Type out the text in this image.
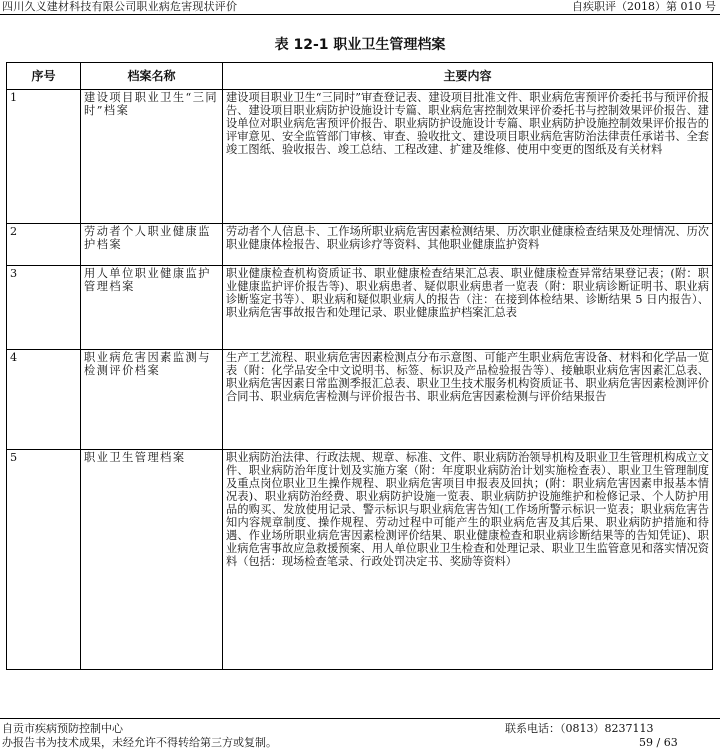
四川久义建材科技有限公司职业病危害现状评价	自疾职评（2018）第 010 号
表 12-1 职业卫生管理档案
序号	档案名称	主要内容
1	建设项目职业卫生“三同时”档案	建设项目职业卫生“三同时”审查登记表、建设项目批准文件、职业病危害预评价委托书与预评价报告、建设项目职业病防护设施设计专篇、职业病危害控制效果评价委托书与控制效果评价报告、建设单位对职业病危害预评价报告、职业病防护设施设计专篇、职业病防护设施控制效果评价报告的评审意见、安全监管部门审核、审查、验收批文、建设项目职业病危害防治法律责任承诺书、全套竣工图纸、验收报告、竣工总结、工程改建、扩建及维修、使用中变更的图纸及有关材料
2	劳动者个人职业健康监护档案	劳动者个人信息卡、工作场所职业病危害因素检测结果、历次职业健康检查结果及处理情况、历次职业健康体检报告、职业病诊疗等资料、其他职业健康监护资料
3	用人单位职业健康监护管理档案	职业健康检查机构资质证书、职业健康检查结果汇总表、职业健康检查异常结果登记表；(附：职业健康监护评价报告等)、职业病患者、疑似职业病患者一览表（附：职业病诊断证明书、职业病诊断鉴定书等）、职业病和疑似职业病人的报告（注：在接到体检结果、诊断结果 5 日内报告）、职业病危害事故报告和处理记录、职业健康监护档案汇总表
4	职业病危害因素监测与检测评价档案	生产工艺流程、职业病危害因素检测点分布示意图、可能产生职业病危害设备、材料和化学品一览表（附：化学品安全中文说明书、标签、标识及产品检验报告等）、接触职业病危害因素汇总表、职业病危害因素日常监测季报汇总表、职业卫生技术服务机构资质证书、职业病危害因素检测评价合同书、职业病危害检测与评价报告书、职业病危害因素检测与评价结果报告
5	职业卫生管理档案	职业病防治法律、行政法规、规章、标准、文件、职业病防治领导机构及职业卫生管理机构成立文件、职业病防治年度计划及实施方案（附：年度职业病防治计划实施检查表）、职业卫生管理制度及重点岗位职业卫生操作规程、职业病危害项目申报表及回执；(附：职业病危害因素申报基本情况表)、职业病防治经费、职业病防护设施一览表、职业病防护设施维护和检修记录、个人防护用品的购买、发放使用记录、警示标识与职业病危害告知(工作场所警示标识一览表；职业病危害告知内容规章制度、操作规程、劳动过程中可能产生的职业病危害及其后果、职业病防护措施和待遇、作业场所职业病危害因素检测评价结果、职业健康检查和职业病诊断结果等的告知凭证)、职业病危害事故应急救援预案、用人单位职业卫生检查和处理记录、职业卫生监管意见和落实情况资料（包括：现场检查笔录、行政处罚决定书、奖励等资料）
自贡市疾病预防控制中心	联系电话：（0813）8237113
办报告书为技术成果，未经允许不得转给第三方或复制。	59 / 63
